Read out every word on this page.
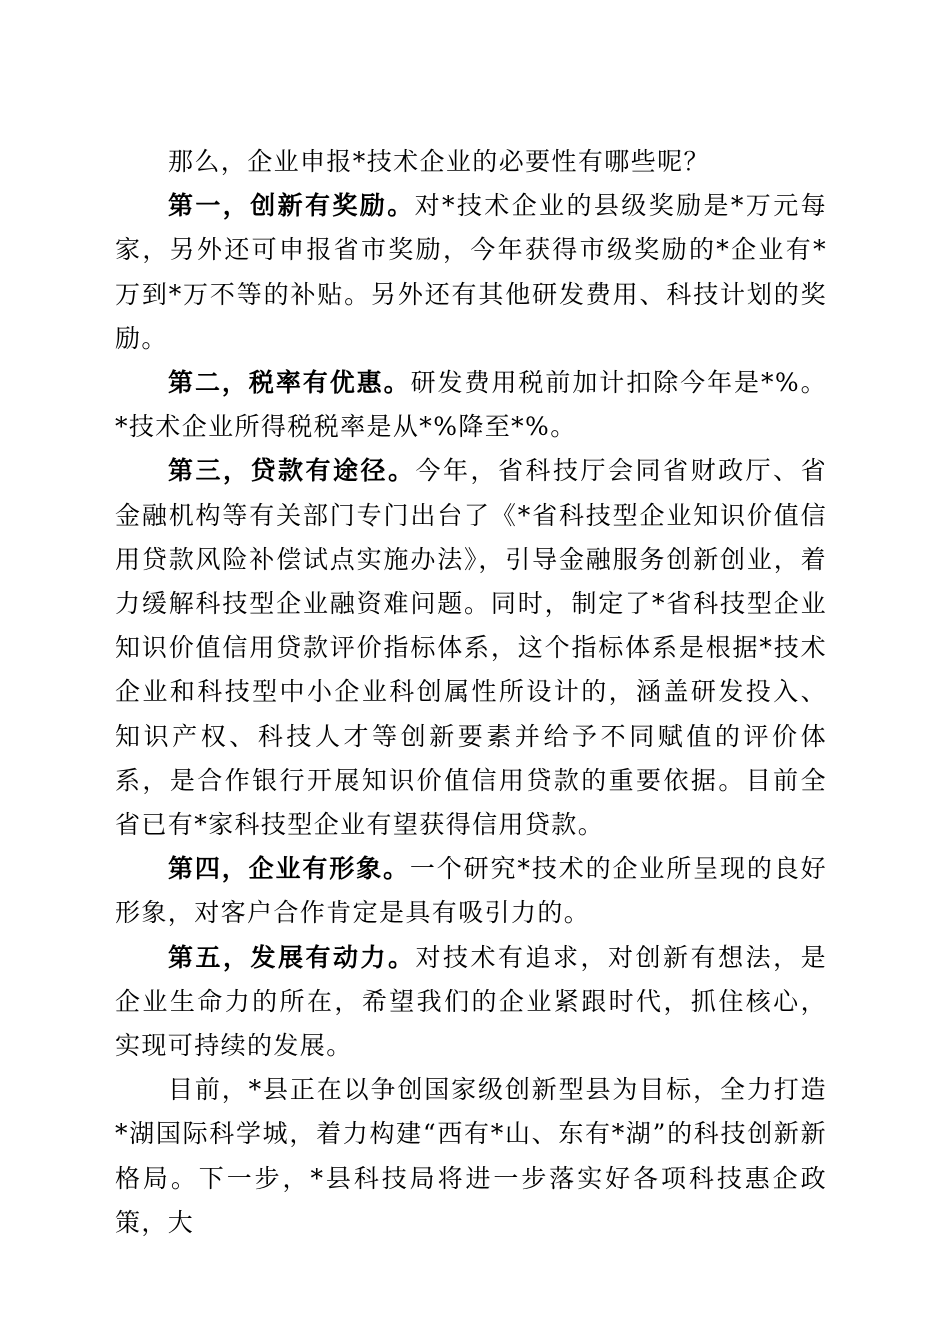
那么，企业申报*技术企业的必要性有哪些呢？

第一，创新有奖励。对*技术企业的县级奖励是*万元每家，另外还可申报省市奖励，今年获得市级奖励的*企业有*万到*万不等的补贴。另外还有其他研发费用、科技计划的奖励。

第二，税率有优惠。研发费用税前加计扣除今年是*%。*技术企业所得税税率是从*%降至*%。

第三，贷款有途径。今年，省科技厅会同省财政厅、省金融机构等有关部门专门出台了《*省科技型企业知识价值信用贷款风险补偿试点实施办法》，引导金融服务创新创业，着力缓解科技型企业融资难问题。同时，制定了*省科技型企业知识价值信用贷款评价指标体系，这个指标体系是根据*技术企业和科技型中小企业科创属性所设计的，涵盖研发投入、知识产权、科技人才等创新要素并给予不同赋值的评价体系，是合作银行开展知识价值信用贷款的重要依据。目前全省已有*家科技型企业有望获得信用贷款。

第四，企业有形象。一个研究*技术的企业所呈现的良好形象，对客户合作肯定是具有吸引力的。

第五，发展有动力。对技术有追求，对创新有想法，是企业生命力的所在，希望我们的企业紧跟时代，抓住核心，实现可持续的发展。

目前，*县正在以争创国家级创新型县为目标，全力打造*湖国际科学城，着力构建“西有*山、东有*湖”的科技创新新格局。下一步，*县科技局将进一步落实好各项科技惠企政策，大
